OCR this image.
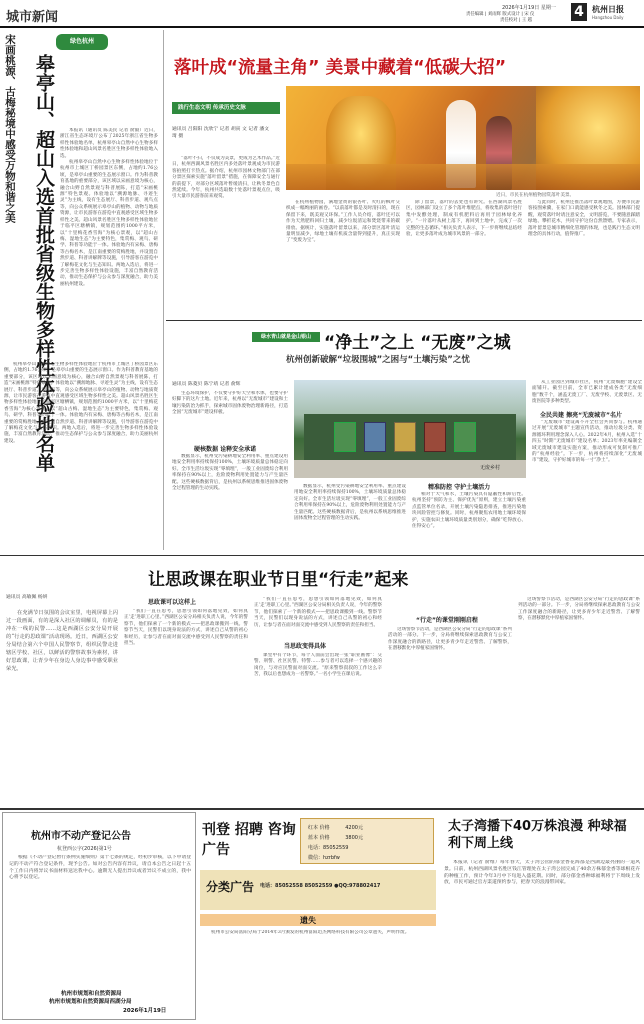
城市新闻
2026年1月19日 星期一
责任编辑 | 刘雨辉 版式设计 | 宋 仪
责任校对 | 王 越
4	杭州日报
Hangzhou Daily
绿色杭州
宋画桃源、古梅秘境中感受万物和谐之美 皋亭山、超山入选首批省级生物多样性体验地名单	本报讯（通讯员 陈美民 记者 俞毅）近日，浙江省生态环境厅公布了2025年浙江省生物多样性体验地名单，杭州皋亭山自然中心生物多样性体验地和超山风景名胜区生物多样性体验地入选。

杭州皋亭山自然中心生物多样性体验地位于杭州市上城区丁桥园景区东侧，占地约1.76公顷，是皋亭山重要的生态展示窗口。作为科普教育基地的重要部分，该区域以宋画意境为核心，融合山野自然景观与科普展陈，打造“宋画桃源”特色景观。体验地以“溯源地脉、寻迹生灵”为主线，设有生态展厅、科普步道、观鸟点等，向公众系统展示皋亭山的植物、动物与地质资源，让市民游客在游览中直观感受区域生物多样性之美。超山风景名胜区生物多样性体验地位于临平区塘栖镇，规划范围约1000平方米，以“十里梅花香雪海”为核心景观，以“超山古梅、湿地生态”为主要特色，集赏梅、观鸟、研学、科普等功能于一体。体验地内有宋梅、唐梅等古梅名木，是江南重要的赏梅胜地，并设置自然步道、科普讲解牌等设施，引导游客在游览中了解梅花文化与生态知识。两地入选后，将进一步完善生物多样性体验设施，丰富自然教育活动，推动生态保护与公众参与深度融合，助力美丽杭州建设。

杭州皋亭山自然中心生物多样性体验地位于杭州市上城区丁桥园景区东侧，占地约1.76公顷，是皋亭山重要的生态展示窗口。作为科普教育基地的重要部分，该区域以宋画意境为核心，融合山野自然景观与科普展陈，打造“宋画桃源”特色景观。体验地以“溯源地脉、寻迹生灵”为主线，设有生态展厅、科普步道、观鸟点等，向公众系统展示皋亭山的植物、动物与地质资源，让市民游客在游览中直观感受区域生物多样性之美。超山风景名胜区生物多样性体验地位于临平区塘栖镇，规划范围约1000平方米，以“十里梅花香雪海”为核心景观，以“超山古梅、湿地生态”为主要特色，集赏梅、观鸟、研学、科普等功能于一体。体验地内有宋梅、唐梅等古梅名木，是江南重要的赏梅胜地，并设置自然步道、科普讲解牌等设施，引导游客在游览中了解梅花文化与生态知识。两地入选后，将进一步完善生物多样性体验设施，丰富自然教育活动，推动生态保护与公众参与深度融合，助力美丽杭州建设。

落叶成“流量主角” 美景中藏着“低碳大招”
践行生态文明 传承历史文脉
通讯员 吕阳阳 沈欣宁 记者 胡寅 文 记者 潘文琦 摄
近日，市民在杭州植物园赏落叶美景。
“落叶不扫，不仅成为美景，更成为艺术作品。”近日，杭州西湖风景名胜区内多处落叶景观成为市民游客拍照打卡热点。据介绍，杭州市园林文物部门在部分景区探索实施“落叶留景”措施，在保障安全与通行的前提下，对部分区域落叶暂缓清扫，让秋冬景色自然延续。今年，杭州共选取数十处落叶景观点位，吸引大量市民游客前来观赏。
在杭州植物园，满地金黄的银杏叶、火红的枫叶交织成一幅绚丽的画卷。“以前落叶都是及时清扫的，现在保留下来，既美观又环保。”工作人员介绍，落叶还可以作为天然肥料回归土壤，减少垃圾清运和焚烧带来的碳排放。据统计，实施落叶留景以来，部分景区落叶清运量明显减少，绿地土壤有机质含量得到提升，真正实现了“变废为宝”。
除了留景，落叶的去处也有讲究。在西湖风景名胜区，园林部门设立了多个落叶堆肥点，将收集的落叶进行集中发酵处理，制成有机肥料后再用于园林绿化养护。“一片落叶从树上落下，再回到土地中，完成了一次完整的生态循环。”相关负责人表示，下一步将继续总结经验，让更多落叶成为城市风景的一部分。
与此同时，杭州还推出落叶景观地图，方便市民游客按图索骥，在家门口就能感受秋冬之美。园林部门提醒，观赏落叶时请注意安全，文明游览，不要随意踩踏绿地、攀折花木，共同守护这份自然馈赠。专家表示，落叶留景是城市精细化管理的体现，也是践行生态文明理念的具体行动，值得推广。
绿水青山就是金山银山 “净土”之上 “无废”之城
杭州创新破解“垃圾围城”之困与“土壤污染”之忧
通讯员 陈菱贝 陈宁靖 记者 俞辉
生态环境保护，不仅要守护好天空和水体，也要守护好脚下的这片土地。近年来，杭州以“无废城市”建设和土壤污染防治为抓手，探索城市固体废物治理新路径，打造全国“无废城市”建设样板。
无废乡村
硬核数据 诠释安全承诺
数据显示，杭州受污染耕地安全利用率、重点建设用地安全利用率持续保持100%，土壤环境质量总体稳定向好。全市生活垃圾实现“零填埋”，一般工业固废综合利用率保持在90%以上，危险废物利用处置能力与产生量匹配。这些硬核数据背后，是杭州以系统思维推进固体废物全过程管理的生动实践。	数据显示，杭州受污染耕地安全利用率、重点建设用地安全利用率持续保持100%，土壤环境质量总体稳定向好。全市生活垃圾实现“零填埋”，一般工业固废综合利用率保持在90%以上，危险废物利用处置能力与产生量匹配。这些硬核数据背后，是杭州以系统思维推进固体废物全过程管理的生动实践。
精准防控 守护土壤活力
相对于大气和水，土壤污染具有隐蔽性和滞后性。杭州坚持“预防为主、保护优先”原则，建立土壤污染重点监管单位名录，开展土壤污染隐患排查，推进污染地块风险管控与修复。同时，杭州聚焦农用地土壤环境保护，实施农田土壤环境质量类别划分，确保“吃得放心、住得安心”。
从工业园区到城市社区，杭州“无废细胞”建设全面铺开。截至目前，全市已累计建成各类“无废细胞”数千个，涵盖无废工厂、无废学校、无废景区、无废医院等多种类型。
全民共建 擦亮“无废城市”名片
“无废城市”建设离不开全社会共同参与。杭州通过开展“无废城市”主题宣传活动，推动垃圾分类、资源循环利用理念深入人心。2022年4月，杭州入选“十四五”时期“无废城市”建设名单；2023年率先编制全域无废城市建设实施方案，推动形成可复制可推广的“杭州经验”。下一步，杭州将持续深化“无废城市”建设，守护好城市的每一寸“净土”。
让思政课在职业节日里“行走”起来
通讯员 高敏佩 杨妍
在充满节日氛围的会议室里，电视屏幕上闪过一段画面，有的是深入社区的调解员，有的是冲在一线的民警……这是西湖区公安分局开展的“行走的思政课”活动现场。近日，西湖区公安分局结合第六个中国人民警察节，组织民警走进辖区学校、社区，以鲜活的警察故事为素材，讲好思政课，让青少年在身边人身边事中感受职业荣光。
思政课可以这样上
“我们一直在思考，思想引领如何落地见效，如何真正‘走’进职工心里。”西湖区公安分局相关负责人说，今年的警察节，他们探索了一个新的模式——把思政课搬到一线。警察节当天，民警们以现身说法的方式，讲述自己从警的初心和经历，让参与者在面对面交流中感受到人民警察的责任和担当。
“我们一直在思考，思想引领如何落地见效，如何真正‘走’进职工心里。”西湖区公安分局相关负责人说，今年的警察节，他们探索了一个新的模式——把思政课搬到一线。警察节当天，民警们以现身说法的方式，讲述自己从警的初心和经历，让参与者在面对面交流中感受到人民警察的责任和担当。
当思政变得具体
课堂中有个环节，每个人面前会出现一张“职业画像”：交警、刑警、社区民警、特警……参与者可以选择一个感兴趣的岗位，与对应民警面对面交流。“原来警察叔叔的工作这么辛苦，我以后也想成为一名警察。”一名小学生在课后说。
“行走”的课堂刚刚启程
这场警察节活动，是西湖区公安分局“行走的思政课”系列活动的一部分。下一步，分局将继续探索思政教育与公安工作深度融合的新路径，让更多青少年走近警营、了解警察，在潜移默化中厚植家国情怀。
这场警察节活动，是西湖区公安分局“行走的思政课”系列活动的一部分。下一步，分局将继续探索思政教育与公安工作深度融合的新路径，让更多青少年走近警营、了解警察，在潜移默化中厚植家国情怀。
杭州市不动产登记公告
杭登西公字(2026)第1号
根据《不动产登记暂行条例实施细则》第十七条的规定，经初步审核，以下申请登记的不动产符合登记条件，现予公告。如对公告内容有异议，请自本公告之日起十五个工作日内将异议书面材料送达我中心。逾期无人提出异议或者异议不成立的，我中心将予以登记。
杭州市规划和自然资源局
杭州市规划和自然资源局西湖分局
2026年1月19日
刊登 招聘 咨询 广告
红本 价格	4200元
蓝本 价格	3800元
电话：85052559
微信：hzrbfw
分类广告 电话：85052558 85052559 ●QQ:978802417
遗失
杭州市公安局富阳分局于2014年3月颁发的杭州富阳迅杰网络科技有限公司公章遗失，声明作废。
太子湾播下40万株浪漫 种球福利下周上线
本报讯（记者 俞维）每年春天，太子湾公园的郁金香花海都是西湖边最亮丽的一道风景。日前，杭州西湖风景名胜区钱江管理处在太子湾公园完成了40余万株郁金香等球根花卉的种植工作，预计今年3月中下旬进入盛花期。同时，部分郁金香种球福利将于下周线上发放，市民可通过官方渠道预约参与，把春天的浪漫带回家。
